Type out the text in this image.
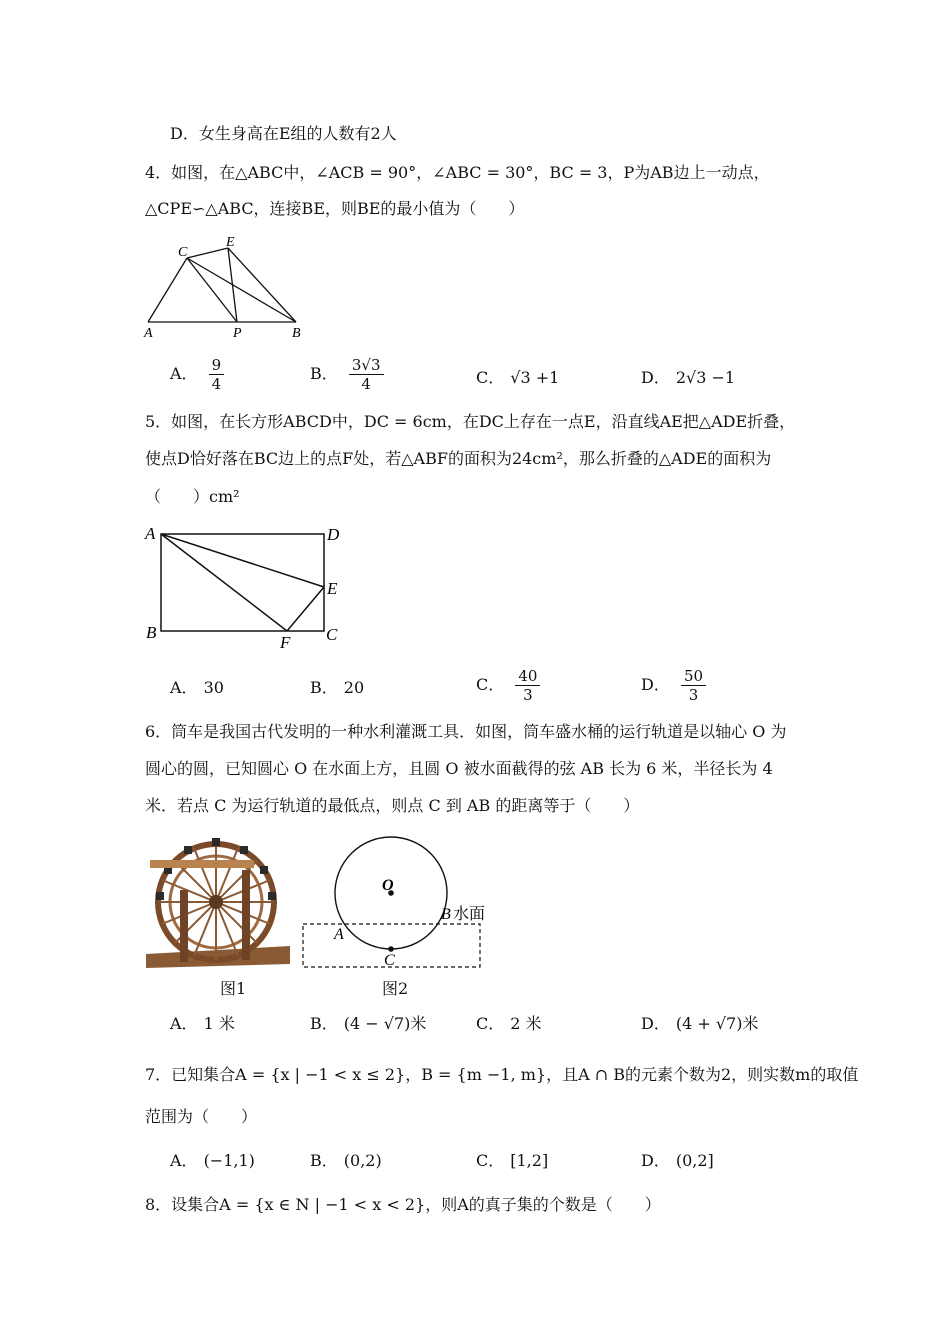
D．女生身高在E组的人数有2人
4．如图，在△ABC中，∠ACB = 90°，∠ABC = 30°，BC = 3，P为AB边上一动点，
△CPE∽△ABC，连接BE，则BE的最小值为（　　）
C
E
A	P	B
A． $\frac{9}{4}$	B． $\frac{3√3}{4}$	C． √3 +1	D． 2√3 −1
5．如图，在长方形ABCD中，DC = 6cm，在DC上存在一点E，沿直线AE把△ADE折叠，
使点D恰好落在BC边上的点F处，若△ABF的面积为24cm²，那么折叠的△ADE的面积为
（　　）cm²
A	D
E
B
F C
A． 30	B． 20	C． $\frac{40}{3}$	D． $\frac{50}{3}$
6．筒车是我国古代发明的一种水利灌溉工具．如图，筒车盛水桶的运行轨道是以轴心 O 为
圆心的圆，已知圆心 O 在水面上方，且圆 O 被水面截得的弦 AB 长为 6 米，半径长为 4
米．若点 C 为运行轨道的最低点，则点 C 到 AB 的距离等于（　　）
图1
O
A
B 水面
C
图2
A． 1 米	B． (4 − √7)米	C． 2 米	D． (4 + √7)米
7．已知集合A = {x | −1 < x ≤ 2}，B = {m −1, m}，且A ∩ B的元素个数为2，则实数m的取值
范围为（　　）
A． (−1,1)	B． (0,2)	C． [1,2]	D． (0,2]
8．设集合A = {x ∈ N | −1 < x < 2}，则A的真子集的个数是（　　）
